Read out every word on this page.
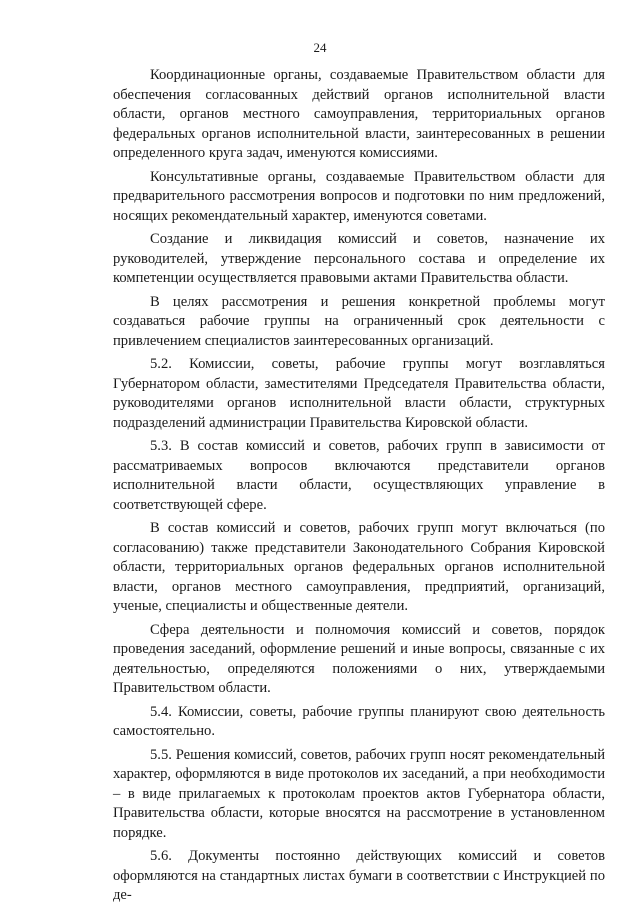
24

Координационные органы, создаваемые Правительством области для обеспечения согласованных действий органов исполнительной власти области, органов местного самоуправления, территориальных органов федеральных органов исполнительной власти, заинтересованных в решении определенного круга задач, именуются комиссиями.

Консультативные органы, создаваемые Правительством области для предварительного рассмотрения вопросов и подготовки по ним предложений, носящих рекомендательный характер, именуются советами.

Создание и ликвидация комиссий и советов, назначение их руководителей, утверждение персонального состава и определение их компетенции осуществляется правовыми актами Правительства области.

В целях рассмотрения и решения конкретной проблемы могут создаваться рабочие группы на ограниченный срок деятельности с привлечением специалистов заинтересованных организаций.

5.2. Комиссии, советы, рабочие группы могут возглавляться Губернатором области, заместителями Председателя Правительства области, руководителями органов исполнительной власти области, структурных подразделений администрации Правительства Кировской области.

5.3. В состав комиссий и советов, рабочих групп в зависимости от рассматриваемых вопросов включаются представители органов исполнительной власти области, осуществляющих управление в соответствующей сфере.

В состав комиссий и советов, рабочих групп могут включаться (по согласованию) также представители Законодательного Собрания Кировской области, территориальных органов федеральных органов исполнительной власти, органов местного самоуправления, предприятий, организаций, ученые, специалисты и общественные деятели.

Сфера деятельности и полномочия комиссий и советов, порядок проведения заседаний, оформление решений и иные вопросы, связанные с их деятельностью, определяются положениями о них, утверждаемыми Правительством области.

5.4. Комиссии, советы, рабочие группы планируют свою деятельность самостоятельно.

5.5. Решения комиссий, советов, рабочих групп носят рекомендательный характер, оформляются в виде протоколов их заседаний, а при необходимости – в виде прилагаемых к протоколам проектов актов Губернатора области, Правительства области, которые вносятся на рассмотрение в установленном порядке.

5.6. Документы постоянно действующих комиссий и советов оформляются на стандартных листах бумаги в соответствии с Инструкцией по де-
